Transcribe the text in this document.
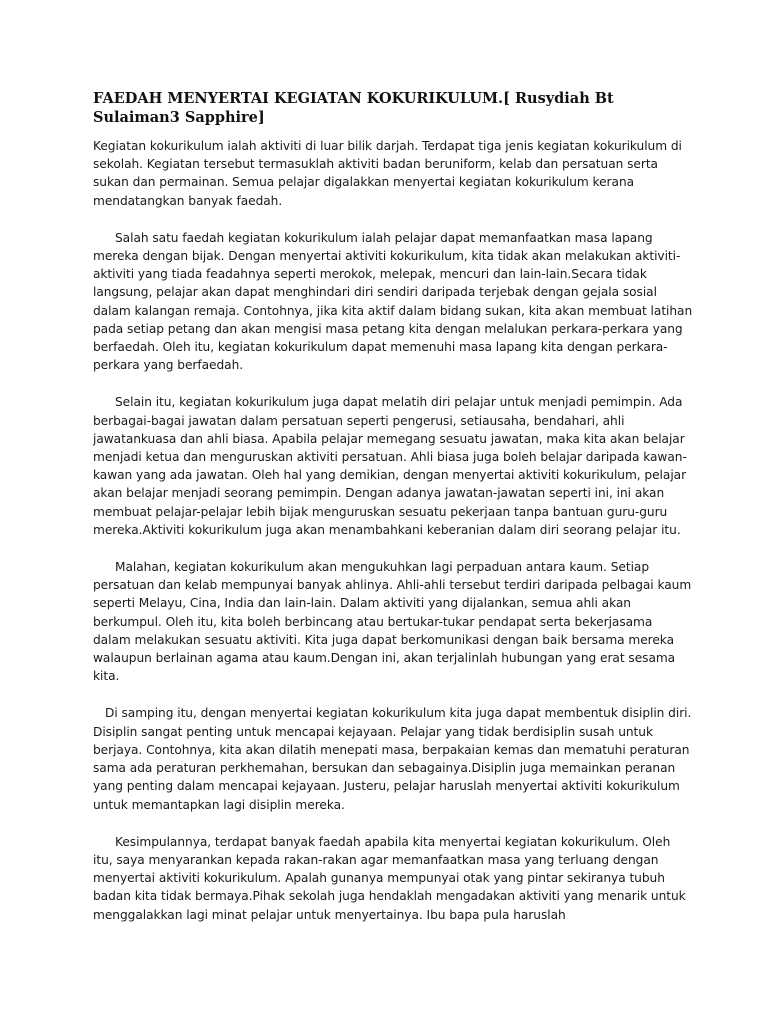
FAEDAH MENYERTAI KEGIATAN KOKURIKULUM.[ Rusydiah Bt Sulaiman3 Sapphire]

Kegiatan kokurikulum ialah aktiviti di luar bilik darjah. Terdapat tiga jenis kegiatan kokurikulum di sekolah. Kegiatan tersebut termasuklah aktiviti badan beruniform, kelab dan persatuan serta sukan dan permainan. Semua pelajar digalakkan menyertai kegiatan kokurikulum kerana mendatangkan banyak faedah.

Salah satu faedah kegiatan kokurikulum ialah pelajar dapat memanfaatkan masa lapang mereka dengan bijak. Dengan menyertai aktiviti kokurikulum, kita tidak akan melakukan aktiviti-aktiviti yang tiada feadahnya seperti merokok, melepak, mencuri dan lain-lain.Secara tidak langsung, pelajar akan dapat menghindari diri sendiri daripada terjebak dengan gejala sosial dalam kalangan remaja. Contohnya, jika kita aktif dalam bidang sukan, kita akan membuat latihan pada setiap petang dan akan mengisi masa petang kita dengan melalukan perkara-perkara yang berfaedah. Oleh itu, kegiatan kokurikulum dapat memenuhi masa lapang kita dengan perkara-perkara yang berfaedah.

Selain itu, kegiatan kokurikulum juga dapat melatih diri pelajar untuk menjadi pemimpin. Ada berbagai-bagai jawatan dalam persatuan seperti pengerusi, setiausaha, bendahari, ahli jawatankuasa dan ahli biasa. Apabila pelajar memegang sesuatu jawatan, maka kita akan belajar menjadi ketua dan menguruskan aktiviti persatuan. Ahli biasa juga boleh belajar daripada kawan-kawan yang ada jawatan. Oleh hal yang demikian, dengan menyertai aktiviti kokurikulum, pelajar akan belajar menjadi seorang pemimpin. Dengan adanya jawatan-jawatan seperti ini, ini akan membuat pelajar-pelajar lebih bijak menguruskan sesuatu pekerjaan tanpa bantuan guru-guru mereka.Aktiviti kokurikulum juga akan menambahkani keberanian dalam diri seorang pelajar itu.

Malahan, kegiatan kokurikulum akan mengukuhkan lagi perpaduan antara kaum. Setiap persatuan dan kelab mempunyai banyak ahlinya. Ahli-ahli tersebut terdiri daripada pelbagai kaum seperti Melayu, Cina, India dan lain-lain. Dalam aktiviti yang dijalankan, semua ahli akan berkumpul. Oleh itu, kita boleh berbincang atau bertukar-tukar pendapat serta bekerjasama dalam melakukan sesuatu aktiviti. Kita juga dapat berkomunikasi dengan baik bersama mereka walaupun berlainan agama atau kaum.Dengan ini, akan terjalinlah hubungan yang erat sesama kita.

Di samping itu, dengan menyertai kegiatan kokurikulum kita juga dapat membentuk disiplin diri. Disiplin sangat penting untuk mencapai kejayaan. Pelajar yang tidak berdisiplin susah untuk berjaya. Contohnya, kita akan dilatih menepati masa, berpakaian kemas dan mematuhi peraturan sama ada peraturan perkhemahan, bersukan dan sebagainya.Disiplin juga memainkan peranan yang penting dalam mencapai kejayaan. Justeru, pelajar haruslah menyertai aktiviti kokurikulum untuk memantapkan lagi disiplin mereka.

Kesimpulannya, terdapat banyak faedah apabila kita menyertai kegiatan kokurikulum. Oleh itu, saya menyarankan kepada rakan-rakan agar memanfaatkan masa yang terluang dengan menyertai aktiviti kokurikulum. Apalah gunanya mempunyai otak yang pintar sekiranya tubuh badan kita tidak bermaya.Pihak sekolah juga hendaklah mengadakan aktiviti yang menarik untuk menggalakkan lagi minat pelajar untuk menyertainya. Ibu bapa pula haruslah
